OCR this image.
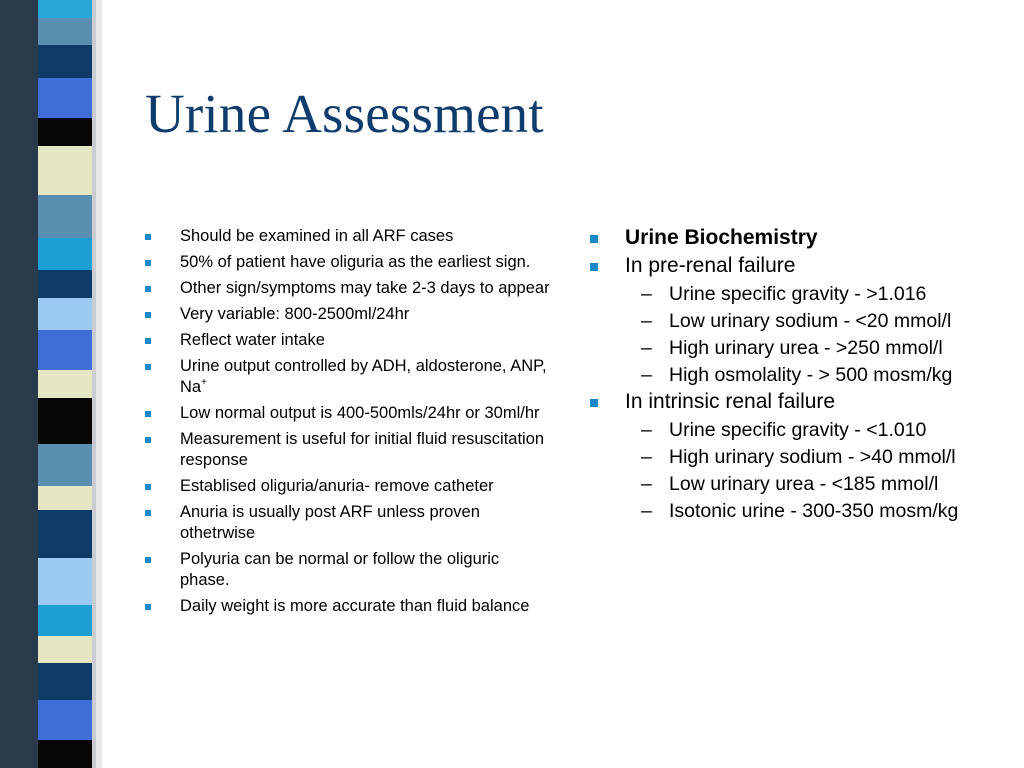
Urine Assessment
Should be examined in all ARF cases
50% of patient have oliguria as the earliest sign.
Other sign/symptoms may take 2-3 days to appear
Very variable: 800-2500ml/24hr
Reflect water intake
Urine output controlled by ADH, aldosterone, ANP, Na+
Low normal output is 400-500mls/24hr or 30ml/hr
Measurement is useful for initial fluid resuscitation response
Establised oliguria/anuria- remove catheter
Anuria is usually post ARF unless proven othetrwise
Polyuria can be normal or follow the oliguric phase.
Daily weight is more accurate than fluid balance
Urine Biochemistry
In pre-renal failure
– Urine specific gravity - >1.016
– Low urinary sodium - <20 mmol/l
– High urinary urea - >250 mmol/l
– High osmolality - > 500 mosm/kg
In intrinsic renal failure
– Urine specific gravity - <1.010
– High urinary sodium - >40 mmol/l
– Low urinary urea - <185 mmol/l
– Isotonic urine - 300-350 mosm/kg
